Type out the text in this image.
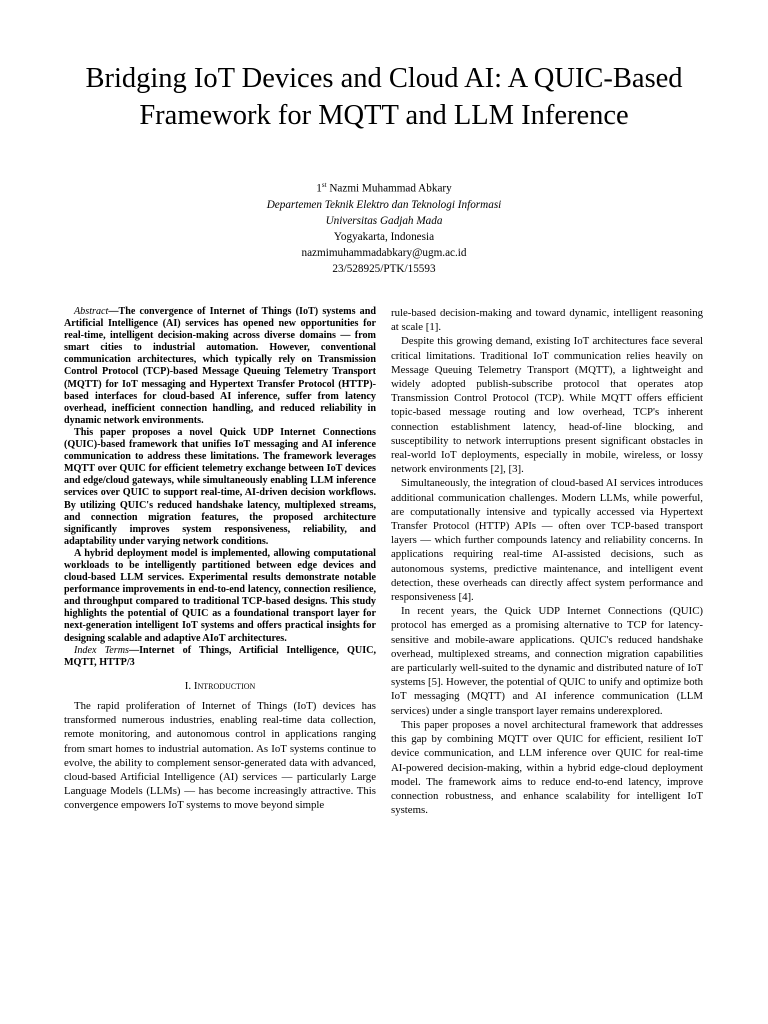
Bridging IoT Devices and Cloud AI: A QUIC-Based Framework for MQTT and LLM Inference
1st Nazmi Muhammad Abkary
Departemen Teknik Elektro dan Teknologi Informasi
Universitas Gadjah Mada
Yogyakarta, Indonesia
nazmimuhammadabkary@ugm.ac.id
23/528925/PTK/15593

Abstract—The convergence of Internet of Things (IoT) systems and Artificial Intelligence (AI) services has opened new opportunities for real-time, intelligent decision-making across diverse domains — from smart cities to industrial automation. However, conventional communication architectures, which typically rely on Transmission Control Protocol (TCP)-based Message Queuing Telemetry Transport (MQTT) for IoT messaging and Hypertext Transfer Protocol (HTTP)-based interfaces for cloud-based AI inference, suffer from latency overhead, inefficient connection handling, and reduced reliability in dynamic network environments.

This paper proposes a novel Quick UDP Internet Connections (QUIC)-based framework that unifies IoT messaging and AI inference communication to address these limitations. The framework leverages MQTT over QUIC for efficient telemetry exchange between IoT devices and edge/cloud gateways, while simultaneously enabling LLM inference services over QUIC to support real-time, AI-driven decision workflows. By utilizing QUIC's reduced handshake latency, multiplexed streams, and connection migration features, the proposed architecture significantly improves system responsiveness, reliability, and adaptability under varying network conditions.

A hybrid deployment model is implemented, allowing computational workloads to be intelligently partitioned between edge devices and cloud-based LLM services. Experimental results demonstrate notable performance improvements in end-to-end latency, connection resilience, and throughput compared to traditional TCP-based designs. This study highlights the potential of QUIC as a foundational transport layer for next-generation intelligent IoT systems and offers practical insights for designing scalable and adaptive AIoT architectures.

Index Terms—Internet of Things, Artificial Intelligence, QUIC, MQTT, HTTP/3

I. Introduction

The rapid proliferation of Internet of Things (IoT) devices has transformed numerous industries, enabling real-time data collection, remote monitoring, and autonomous control in applications ranging from smart homes to industrial automation. As IoT systems continue to evolve, the ability to complement sensor-generated data with advanced, cloud-based Artificial Intelligence (AI) services — particularly Large Language Models (LLMs) — has become increasingly attractive. This convergence empowers IoT systems to move beyond simple

rule-based decision-making and toward dynamic, intelligent reasoning at scale [1].

Despite this growing demand, existing IoT architectures face several critical limitations. Traditional IoT communication relies heavily on Message Queuing Telemetry Transport (MQTT), a lightweight and widely adopted publish-subscribe protocol that operates atop Transmission Control Protocol (TCP). While MQTT offers efficient topic-based message routing and low overhead, TCP's inherent connection establishment latency, head-of-line blocking, and susceptibility to network interruptions present significant obstacles in real-world IoT deployments, especially in mobile, wireless, or lossy network environments [2], [3].

Simultaneously, the integration of cloud-based AI services introduces additional communication challenges. Modern LLMs, while powerful, are computationally intensive and typically accessed via Hypertext Transfer Protocol (HTTP) APIs — often over TCP-based transport layers — which further compounds latency and reliability concerns. In applications requiring real-time AI-assisted decisions, such as autonomous systems, predictive maintenance, and intelligent event detection, these overheads can directly affect system performance and responsiveness [4].

In recent years, the Quick UDP Internet Connections (QUIC) protocol has emerged as a promising alternative to TCP for latency-sensitive and mobile-aware applications. QUIC's reduced handshake overhead, multiplexed streams, and connection migration capabilities are particularly well-suited to the dynamic and distributed nature of IoT systems [5]. However, the potential of QUIC to unify and optimize both IoT messaging (MQTT) and AI inference communication (LLM services) under a single transport layer remains underexplored.

This paper proposes a novel architectural framework that addresses this gap by combining MQTT over QUIC for efficient, resilient IoT device communication, and LLM inference over QUIC for real-time AI-powered decision-making, within a hybrid edge-cloud deployment model. The framework aims to reduce end-to-end latency, improve connection robustness, and enhance scalability for intelligent IoT systems.
